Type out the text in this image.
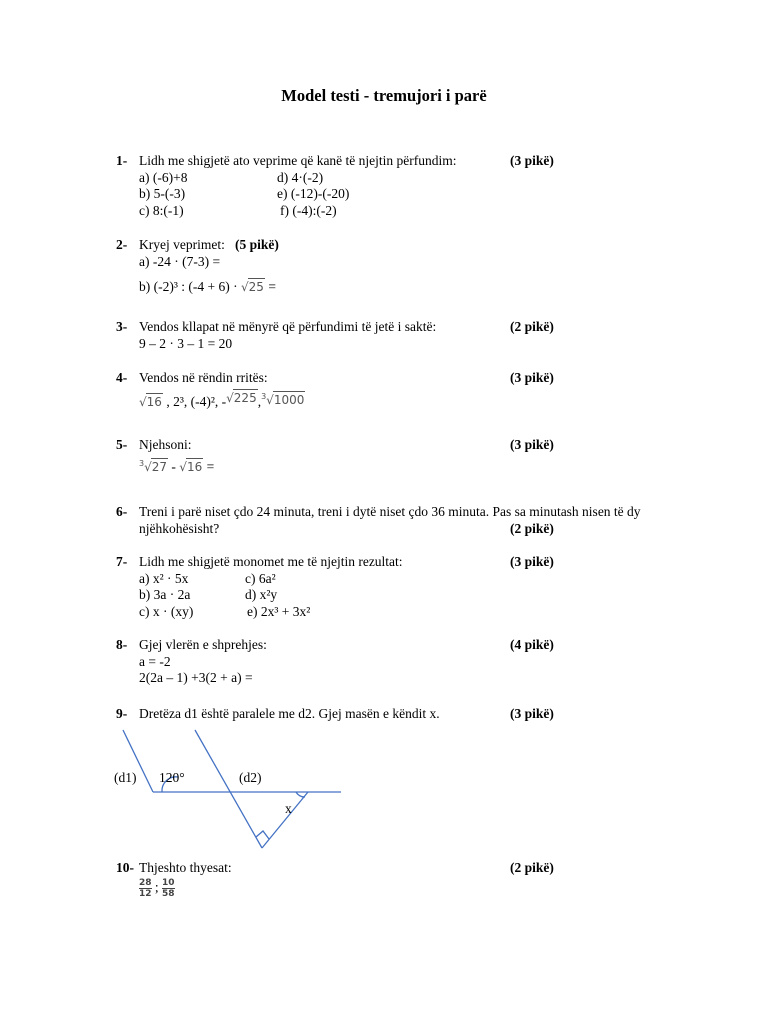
Model testi - tremujori i parë
1- Lidh me shigjetë ato veprime që kanë të njejtin përfundim:
a) (-6)+8	d) 4·(-2)
b) 5-(-3)	e) (-12)-(-20)
c) 8:(-1)	f) (-4):(-2)
(3 pikë)
2- Kryej veprimet: (5 pikë)
a) -24 · (7-3) =
b) (-2)³ : (-4 + 6) · √25 =
3- Vendos kllapat në mënyrë që përfundimi të jetë i saktë:
9 – 2 · 3 – 1 = 20
(2 pikë)
4- Vendos në rëndin rritës:
√16 , 2³, (-4)², -√225,$^3$√1000
(3 pikë)
5- Njehsoni:
$^3$√27 - √16 =
(3 pikë)
6- Treni i parë niset çdo 24 minuta, treni i dytë niset çdo 36 minuta. Pas sa minutash nisen të dy
njëhkohësisht?	(2 pikë)
7- Lidh me shigjetë monomet me të njejtin rezultat:
a) x² · 5x	c) 6a²
b) 3a · 2a	d) x²y
c) x · (xy)	e) 2x³ + 3x²
(3 pikë)
8- Gjej vlerën e shprehjes:
a = -2
2(2a – 1) +3(2 + a) =
(4 pikë)
9- Dretëza d1 është paralele me d2. Gjej masën e këndit x.	(3 pikë)
(d1) 120°	(d2)
x
10- Thjeshto thyesat:
$\frac{28}{12}$ ; $\frac{10}{58}$
(2 pikë)
